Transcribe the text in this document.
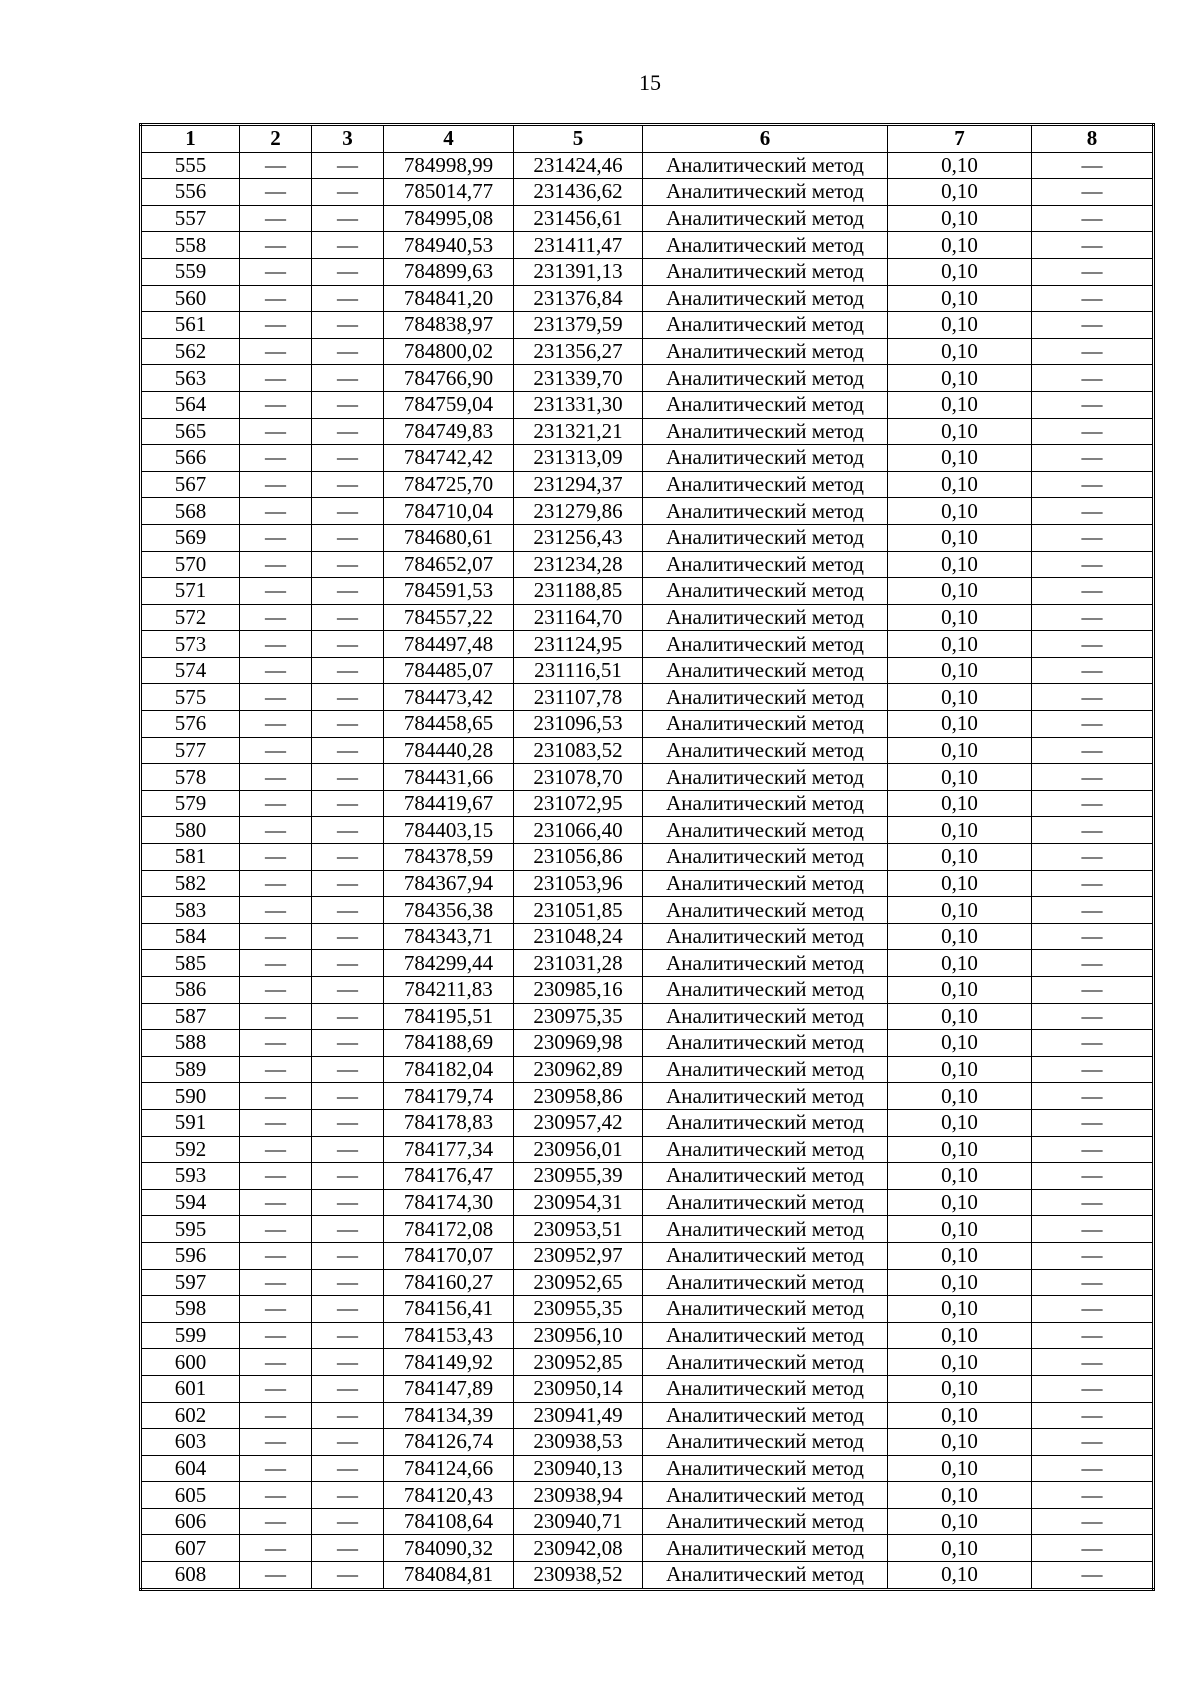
15
1	2	3	4	5	6	7	8
555	—	—	784998,99	231424,46	Аналитический метод	0,10	—
556	—	—	785014,77	231436,62	Аналитический метод	0,10	—
557	—	—	784995,08	231456,61	Аналитический метод	0,10	—
558	—	—	784940,53	231411,47	Аналитический метод	0,10	—
559	—	—	784899,63	231391,13	Аналитический метод	0,10	—
560	—	—	784841,20	231376,84	Аналитический метод	0,10	—
561	—	—	784838,97	231379,59	Аналитический метод	0,10	—
562	—	—	784800,02	231356,27	Аналитический метод	0,10	—
563	—	—	784766,90	231339,70	Аналитический метод	0,10	—
564	—	—	784759,04	231331,30	Аналитический метод	0,10	—
565	—	—	784749,83	231321,21	Аналитический метод	0,10	—
566	—	—	784742,42	231313,09	Аналитический метод	0,10	—
567	—	—	784725,70	231294,37	Аналитический метод	0,10	—
568	—	—	784710,04	231279,86	Аналитический метод	0,10	—
569	—	—	784680,61	231256,43	Аналитический метод	0,10	—
570	—	—	784652,07	231234,28	Аналитический метод	0,10	—
571	—	—	784591,53	231188,85	Аналитический метод	0,10	—
572	—	—	784557,22	231164,70	Аналитический метод	0,10	—
573	—	—	784497,48	231124,95	Аналитический метод	0,10	—
574	—	—	784485,07	231116,51	Аналитический метод	0,10	—
575	—	—	784473,42	231107,78	Аналитический метод	0,10	—
576	—	—	784458,65	231096,53	Аналитический метод	0,10	—
577	—	—	784440,28	231083,52	Аналитический метод	0,10	—
578	—	—	784431,66	231078,70	Аналитический метод	0,10	—
579	—	—	784419,67	231072,95	Аналитический метод	0,10	—
580	—	—	784403,15	231066,40	Аналитический метод	0,10	—
581	—	—	784378,59	231056,86	Аналитический метод	0,10	—
582	—	—	784367,94	231053,96	Аналитический метод	0,10	—
583	—	—	784356,38	231051,85	Аналитический метод	0,10	—
584	—	—	784343,71	231048,24	Аналитический метод	0,10	—
585	—	—	784299,44	231031,28	Аналитический метод	0,10	—
586	—	—	784211,83	230985,16	Аналитический метод	0,10	—
587	—	—	784195,51	230975,35	Аналитический метод	0,10	—
588	—	—	784188,69	230969,98	Аналитический метод	0,10	—
589	—	—	784182,04	230962,89	Аналитический метод	0,10	—
590	—	—	784179,74	230958,86	Аналитический метод	0,10	—
591	—	—	784178,83	230957,42	Аналитический метод	0,10	—
592	—	—	784177,34	230956,01	Аналитический метод	0,10	—
593	—	—	784176,47	230955,39	Аналитический метод	0,10	—
594	—	—	784174,30	230954,31	Аналитический метод	0,10	—
595	—	—	784172,08	230953,51	Аналитический метод	0,10	—
596	—	—	784170,07	230952,97	Аналитический метод	0,10	—
597	—	—	784160,27	230952,65	Аналитический метод	0,10	—
598	—	—	784156,41	230955,35	Аналитический метод	0,10	—
599	—	—	784153,43	230956,10	Аналитический метод	0,10	—
600	—	—	784149,92	230952,85	Аналитический метод	0,10	—
601	—	—	784147,89	230950,14	Аналитический метод	0,10	—
602	—	—	784134,39	230941,49	Аналитический метод	0,10	—
603	—	—	784126,74	230938,53	Аналитический метод	0,10	—
604	—	—	784124,66	230940,13	Аналитический метод	0,10	—
605	—	—	784120,43	230938,94	Аналитический метод	0,10	—
606	—	—	784108,64	230940,71	Аналитический метод	0,10	—
607	—	—	784090,32	230942,08	Аналитический метод	0,10	—
608	—	—	784084,81	230938,52	Аналитический метод	0,10	—
